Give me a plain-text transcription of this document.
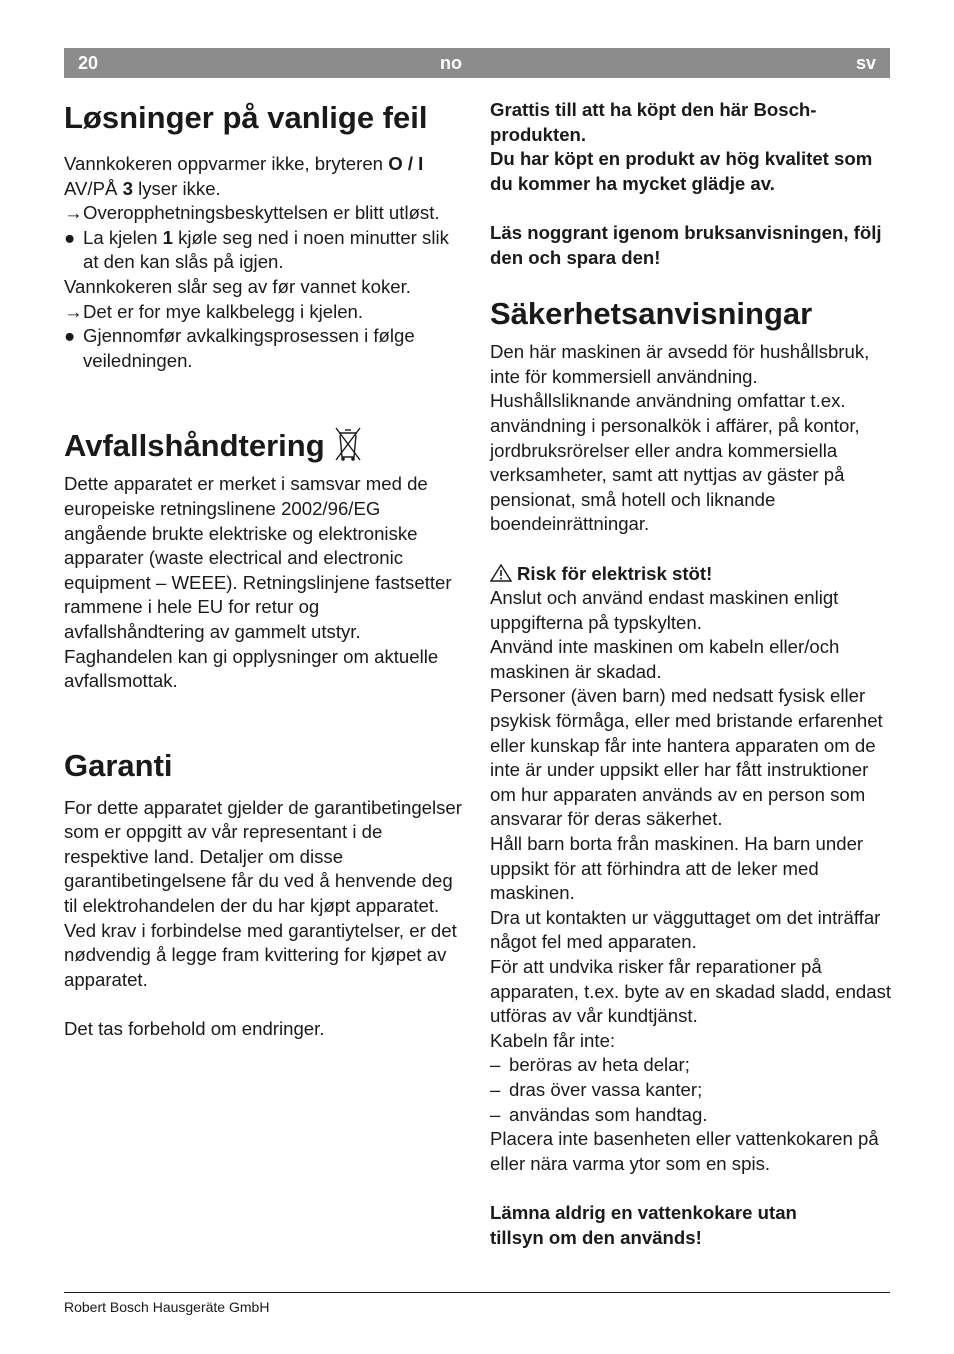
20	no	sv
Løsninger på vanlige feil

Vannkokeren oppvarmer ikke, bryteren O / I
AV/PÅ 3 lyser ikke.

→ Overopphetningsbeskyttelsen er blitt utløst.

● La kjelen 1 kjøle seg ned i noen minutter slik at den kan slås på igjen.

Vannkokeren slår seg av før vannet koker.

→ Det er for mye kalkbelegg i kjelen.

● Gjennomfør avkalkingsprosessen i følge veiledningen.

Avfallshåndtering

Dette apparatet er merket i samsvar med de europeiske retningslinene 2002/96/EG angående brukte elektriske og elektroniske apparater (waste electrical and electronic equipment – WEEE). Retningslinjene fastsetter rammene i hele EU for retur og avfallshåndtering av gammelt utstyr. Faghandelen kan gi opplysninger om aktuelle avfallsmottak.

Garanti

For dette apparatet gjelder de garantibetingelser som er oppgitt av vår representant i de respektive land. Detaljer om disse garantibetingelsene får du ved å henvende deg til elektrohandelen der du har kjøpt apparatet. Ved krav i forbindelse med garantiytelser, er det nødvendig å legge fram kvittering for kjøpet av apparatet.

Det tas forbehold om endringer.

Grattis till att ha köpt den här Bosch-produkten.

Du har köpt en produkt av hög kvalitet som du kommer ha mycket glädje av.

Läs noggrant igenom bruksanvisningen, följ den och spara den!

Säkerhetsanvisningar

Den här maskinen är avsedd för hushållsbruk, inte för kommersiell användning. Hushållsliknande användning omfattar t.ex. användning i personalkök i affärer, på kontor, jordbruksrörelser eller andra kommersiella verksamheter, samt att nyttjas av gäster på pensionat, små hotell och liknande boendeinrättningar.

Risk för elektrisk stöt!

Anslut och använd endast maskinen enligt uppgifterna på typskylten.

Använd inte maskinen om kabeln eller/och maskinen är skadad.

Personer (även barn) med nedsatt fysisk eller psykisk förmåga, eller med bristande erfarenhet eller kunskap får inte hantera apparaten om de inte är under uppsikt eller har fått instruktioner om hur apparaten används av en person som ansvarar för deras säkerhet.

Håll barn borta från maskinen. Ha barn under uppsikt för att förhindra att de leker med maskinen.

Dra ut kontakten ur vägguttaget om det inträffar något fel med apparaten.

För att undvika risker får reparationer på apparaten, t.ex. byte av en skadad sladd, endast utföras av vår kundtjänst.

Kabeln får inte:

– beröras av heta delar;

– dras över vassa kanter;

– användas som handtag.

Placera inte basenheten eller vattenkokaren på eller nära varma ytor som en spis.

Lämna aldrig en vattenkokare utan tillsyn om den används!

Robert Bosch Hausgeräte GmbH
